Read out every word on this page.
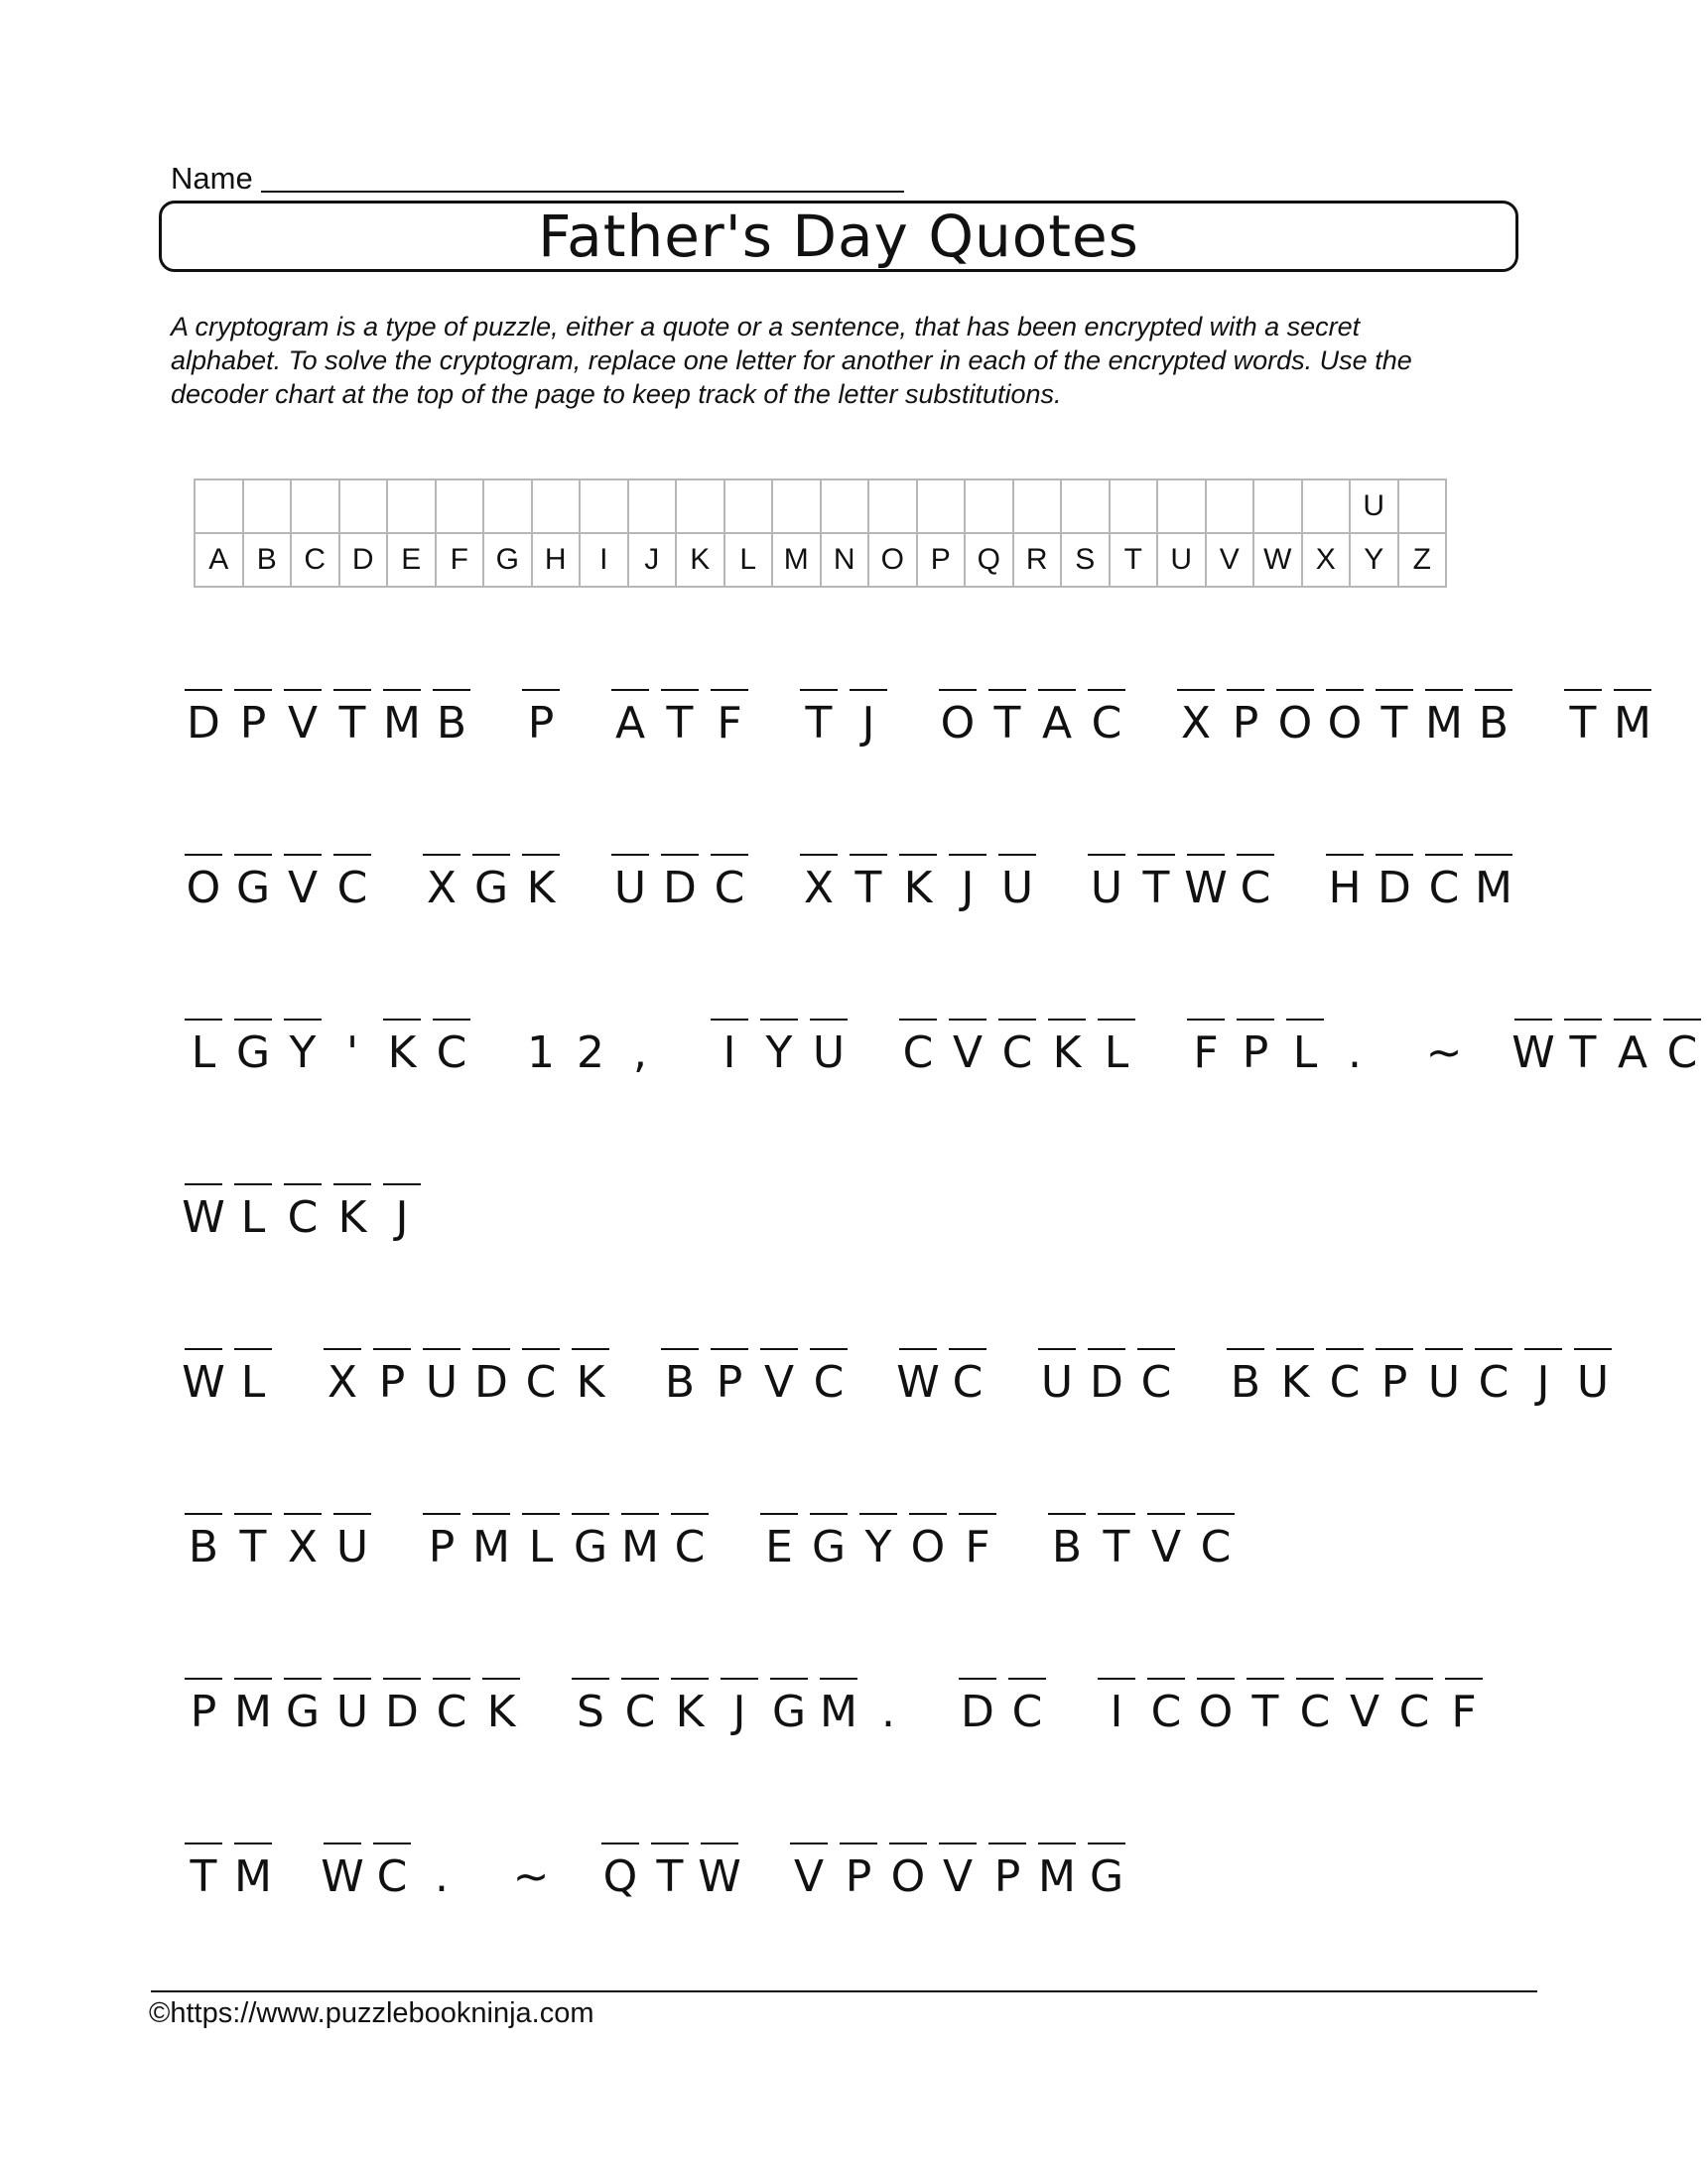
Name
Father's Day Quotes
A cryptogram is a type of puzzle, either a quote or a sentence, that has been encrypted with a secret alphabet. To solve the cryptogram, replace one letter for another in each of the encrypted words. Use the decoder chart at the top of the page to keep track of the letter substitutions.
																								U	
A	B	C	D	E	F	G	H	I	J	K	L	M	N	O	P	Q	R	S	T	U	V	W	X	Y	Z
D P V T M B P A T F T J	O T A C X P O O T M B T M
O G V C X G K U D C X T K J U U T W C H D C M
L G Y ' K C 1 2 ,	I Y U C V C K L F P L .	~ W T A C
W L C K J
W L X P U D C K B P V C W C U D C B K C P U C J U
B T X U P M L G M C E G Y O F B T V C
P M G U D C K S C K J G M .	D C	I C O T C V C F
T M W C .	~ Q T W V P O V P M G
©https://www.puzzlebookninja.com
